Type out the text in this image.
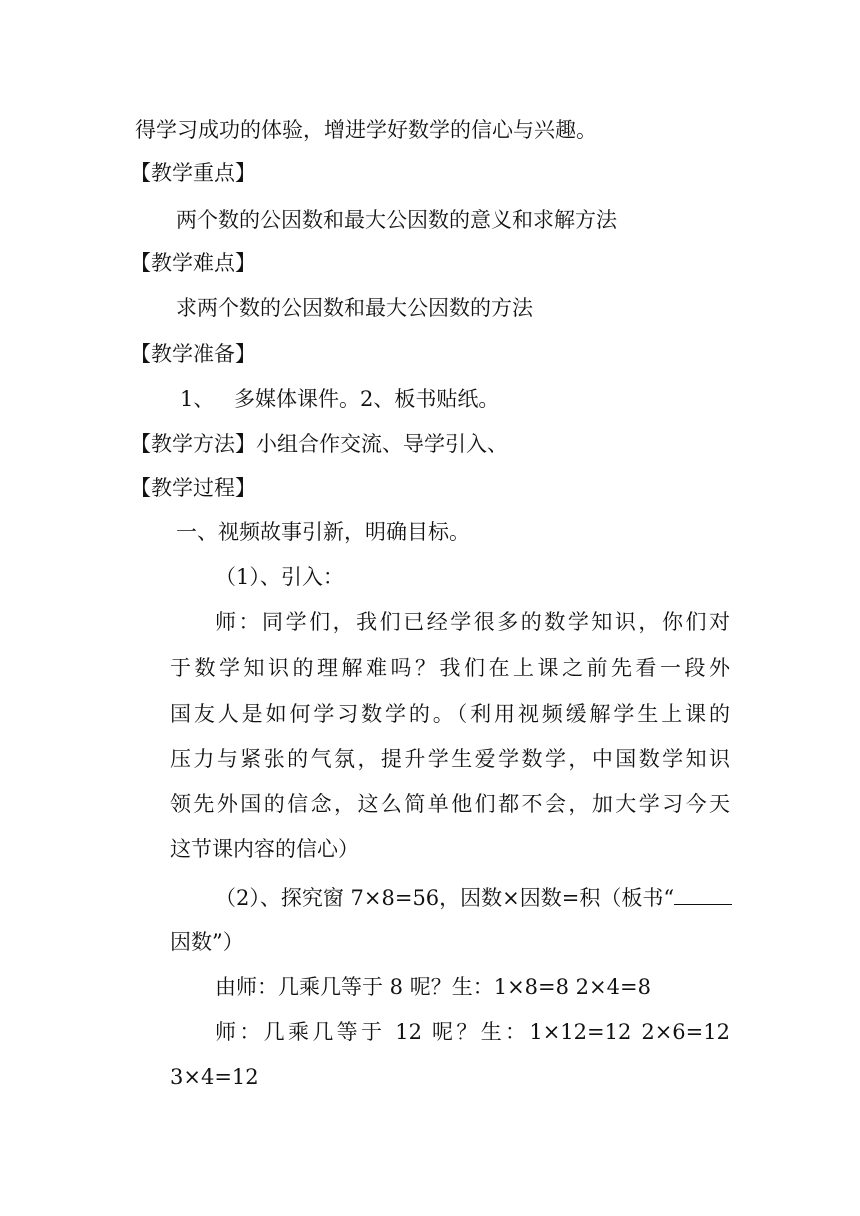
得学习成功的体验，增进学好数学的信心与兴趣。
【教学重点】
两个数的公因数和最大公因数的意义和求解方法
【教学难点】
求两个数的公因数和最大公因数的方法
【教学准备】
1、 多媒体课件。2、板书贴纸。
【教学方法】小组合作交流、导学引入、
【教学过程】
一、视频故事引新，明确目标。
（1）、引入：
师：同学们，我们已经学很多的数学知识，你们对
于数学知识的理解难吗？我们在上课之前先看一段外
国友人是如何学习数学的。（利用视频缓解学生上课的
压力与紧张的气氛，提升学生爱学数学，中国数学知识
领先外国的信念，这么简单他们都不会，加大学习今天
这节课内容的信心）
（2）、探究窗 7×8=56，因数×因数=积（板书“
因数”）
由师：几乘几等于 8 呢？生：1×8=8 2×4=8
师：几乘几等于 12 呢？生：1×12=12 2×6=12
3×4=12
